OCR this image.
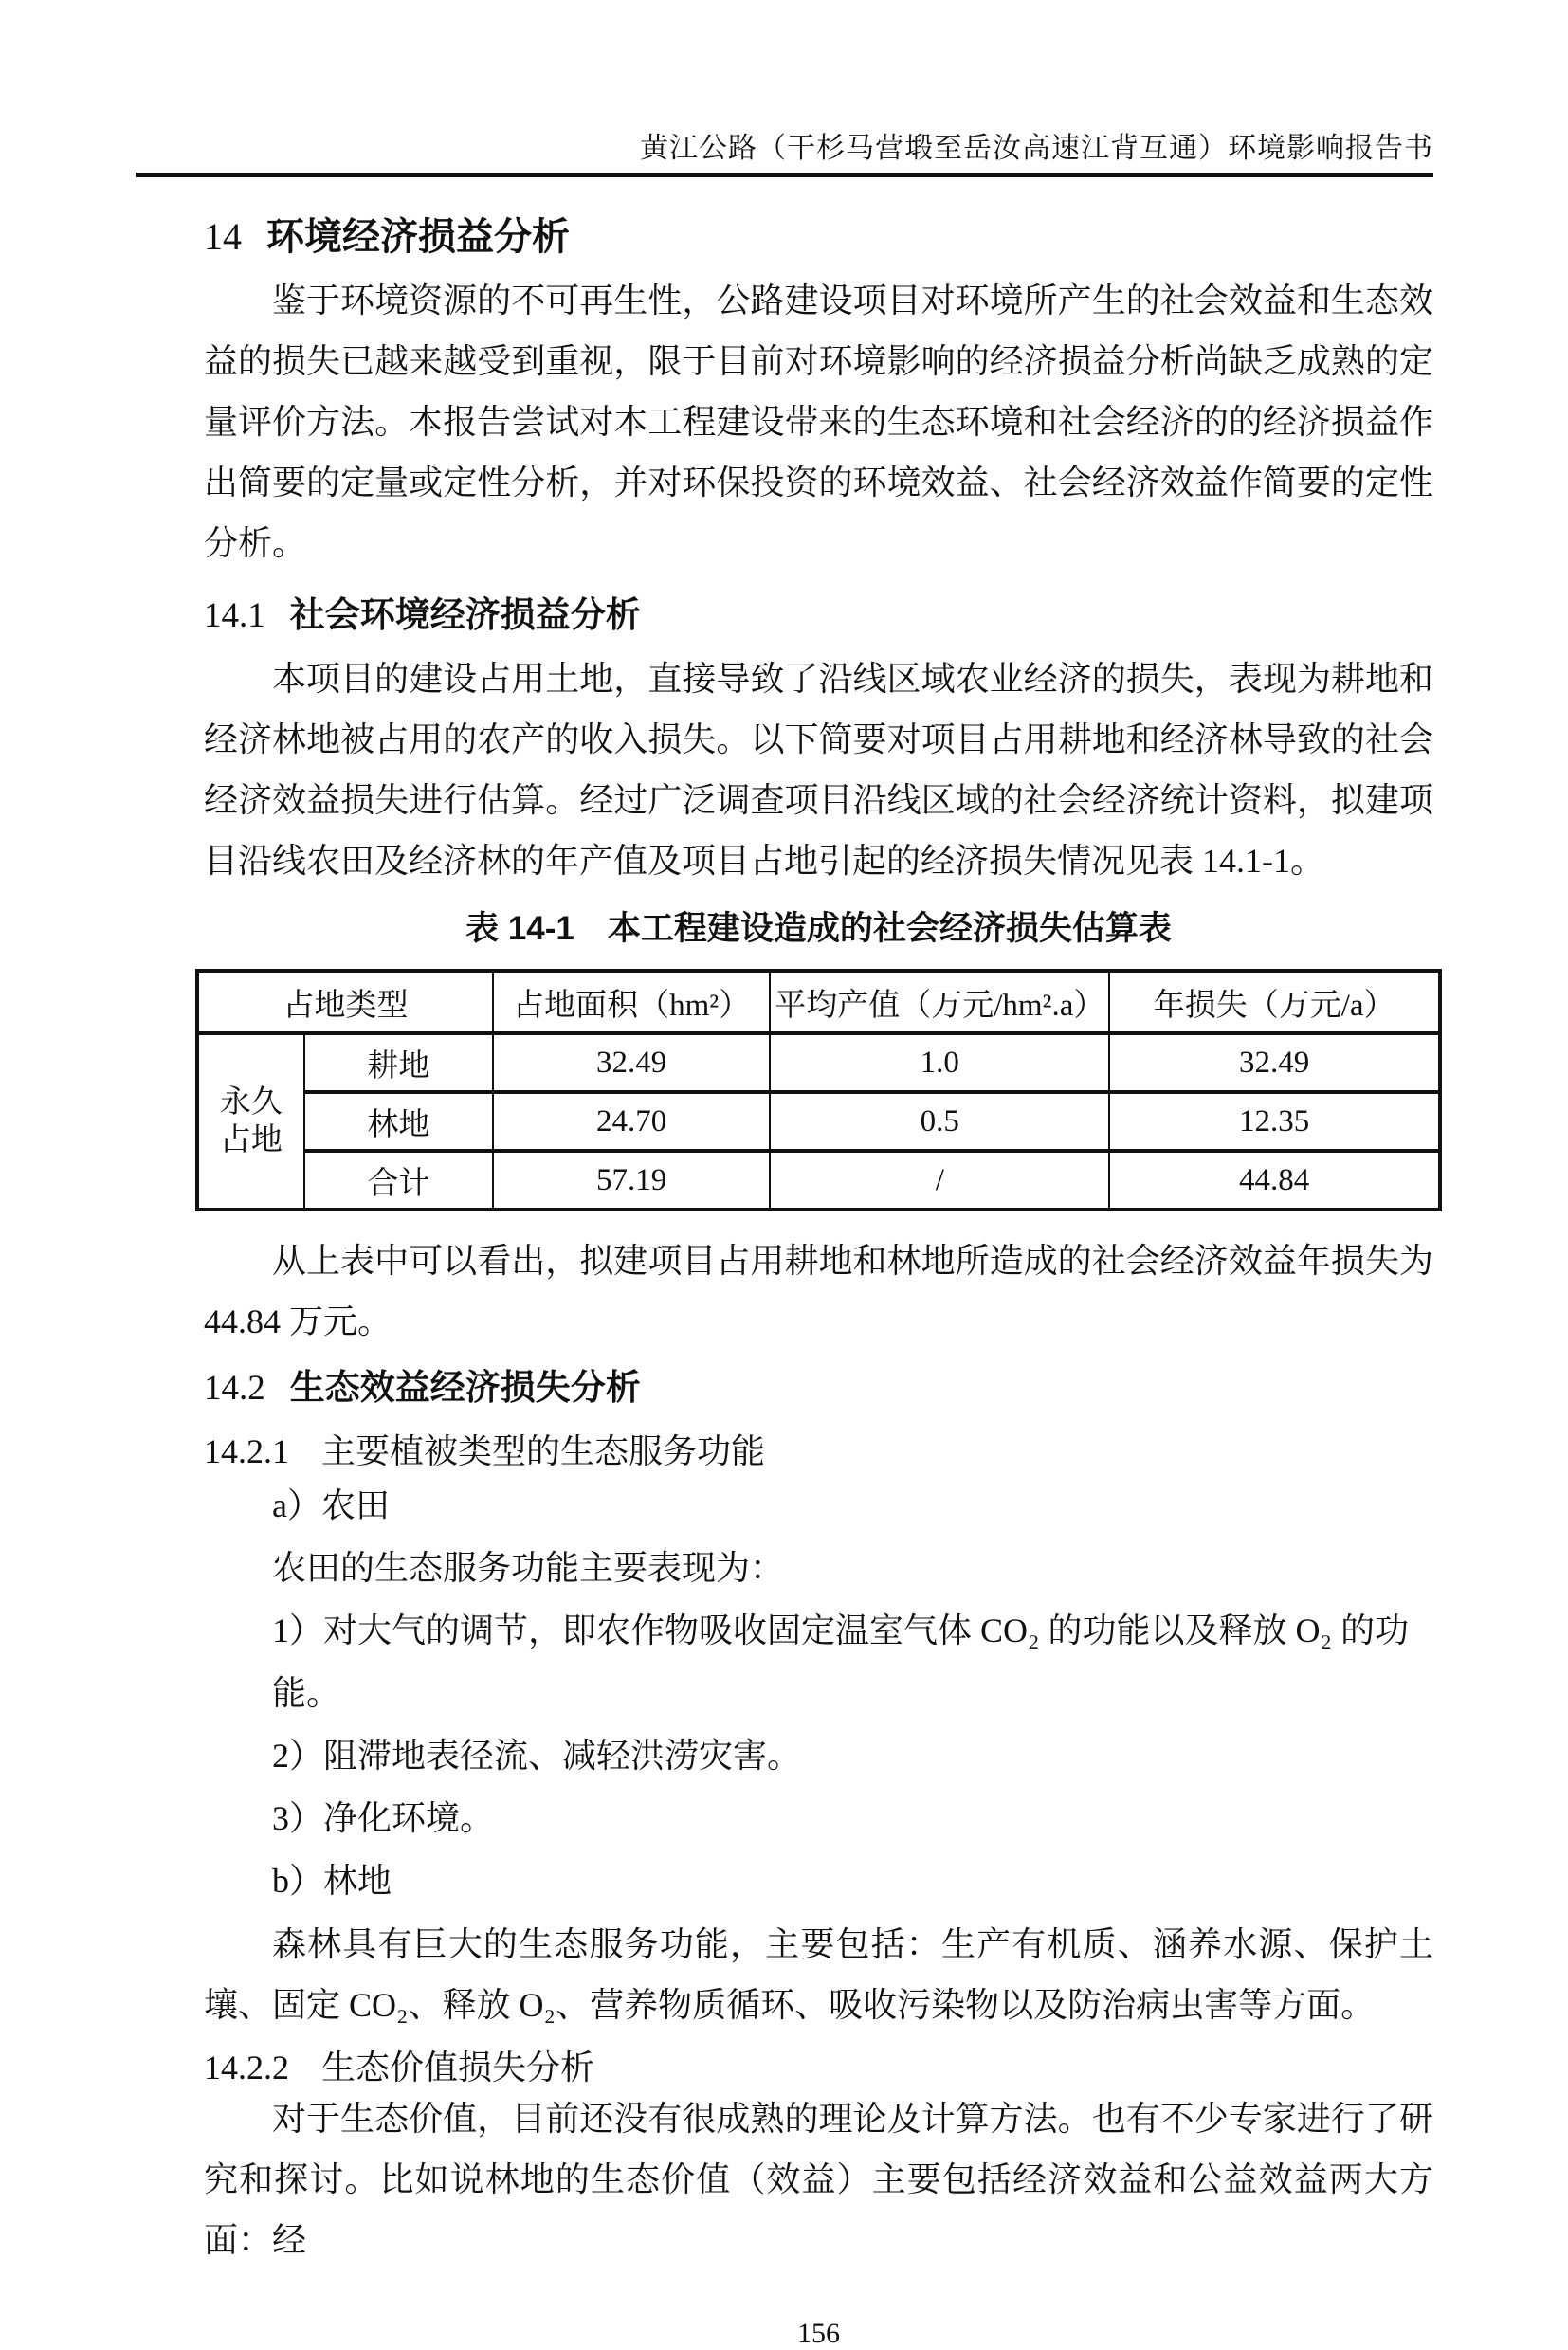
黄江公路（干杉马营塅至岳汝高速江背互通）环境影响报告书
14 环境经济损益分析
鉴于环境资源的不可再生性，公路建设项目对环境所产生的社会效益和生态效益的损失已越来越受到重视，限于目前对环境影响的经济损益分析尚缺乏成熟的定量评价方法。本报告尝试对本工程建设带来的生态环境和社会经济的的经济损益作出简要的定量或定性分析，并对环保投资的环境效益、社会经济效益作简要的定性分析。
14.1 社会环境经济损益分析
本项目的建设占用土地，直接导致了沿线区域农业经济的损失，表现为耕地和经济林地被占用的农产的收入损失。以下简要对项目占用耕地和经济林导致的社会经济效益损失进行估算。经过广泛调查项目沿线区域的社会经济统计资料，拟建项目沿线农田及经济林的年产值及项目占地引起的经济损失情况见表 14.1-1。
表 14-1　本工程建设造成的社会经济损失估算表
占地类型		占地面积（hm²）	平均产值（万元/hm².a）	年损失（万元/a）
永久占地	耕地	32.49	1.0	32.49
	林地	24.70	0.5	12.35
	合计	57.19	/	44.84
从上表中可以看出，拟建项目占用耕地和林地所造成的社会经济效益年损失为 44.84 万元。
14.2 生态效益经济损失分析
14.2.1 主要植被类型的生态服务功能
a）农田
农田的生态服务功能主要表现为：
1）对大气的调节，即农作物吸收固定温室气体 CO₂ 的功能以及释放 O₂ 的功能。
2）阻滞地表径流、减轻洪涝灾害。
3）净化环境。
b）林地
森林具有巨大的生态服务功能，主要包括：生产有机质、涵养水源、保护土壤、固定 CO₂、释放 O₂、营养物质循环、吸收污染物以及防治病虫害等方面。
14.2.2 生态价值损失分析
对于生态价值，目前还没有很成熟的理论及计算方法。也有不少专家进行了研究和探讨。比如说林地的生态价值（效益）主要包括经济效益和公益效益两大方面：经
156
